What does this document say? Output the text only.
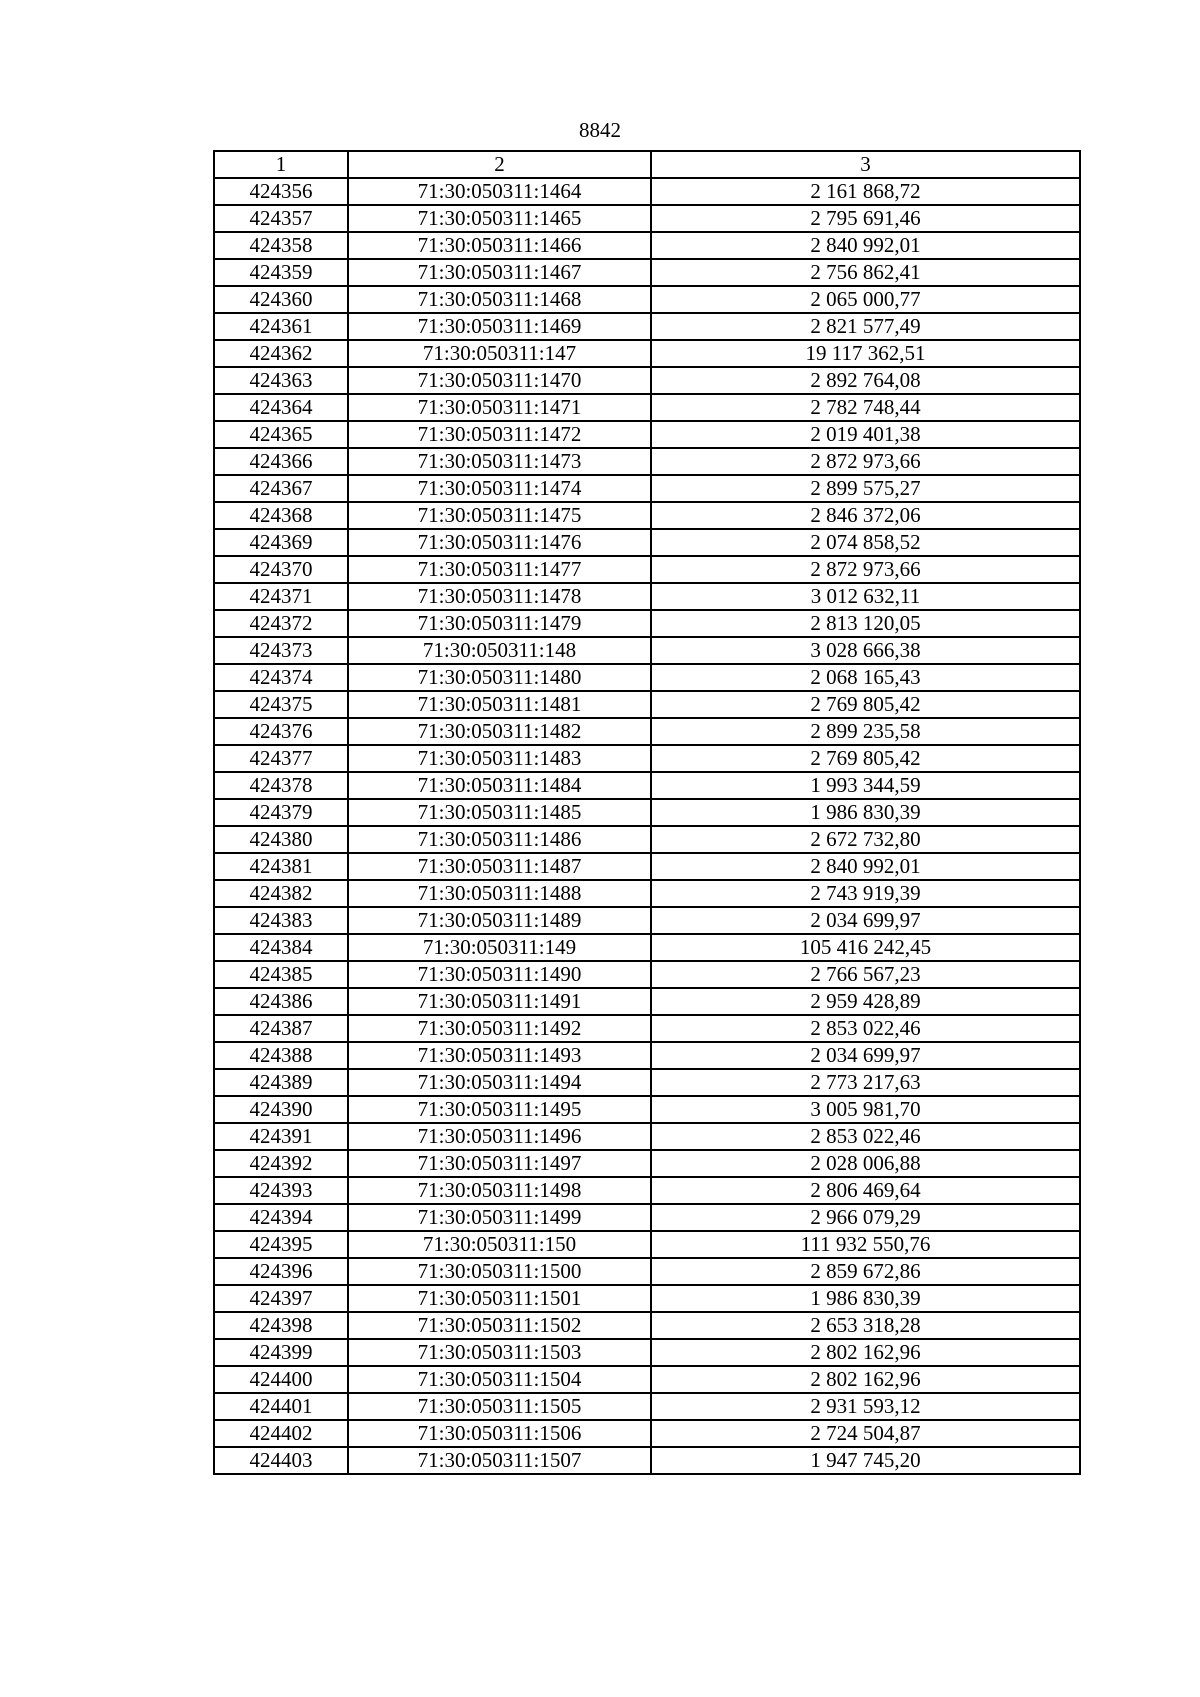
8842
1	2	3
424356	71:30:050311:1464	2 161 868,72
424357	71:30:050311:1465	2 795 691,46
424358	71:30:050311:1466	2 840 992,01
424359	71:30:050311:1467	2 756 862,41
424360	71:30:050311:1468	2 065 000,77
424361	71:30:050311:1469	2 821 577,49
424362	71:30:050311:147	19 117 362,51
424363	71:30:050311:1470	2 892 764,08
424364	71:30:050311:1471	2 782 748,44
424365	71:30:050311:1472	2 019 401,38
424366	71:30:050311:1473	2 872 973,66
424367	71:30:050311:1474	2 899 575,27
424368	71:30:050311:1475	2 846 372,06
424369	71:30:050311:1476	2 074 858,52
424370	71:30:050311:1477	2 872 973,66
424371	71:30:050311:1478	3 012 632,11
424372	71:30:050311:1479	2 813 120,05
424373	71:30:050311:148	3 028 666,38
424374	71:30:050311:1480	2 068 165,43
424375	71:30:050311:1481	2 769 805,42
424376	71:30:050311:1482	2 899 235,58
424377	71:30:050311:1483	2 769 805,42
424378	71:30:050311:1484	1 993 344,59
424379	71:30:050311:1485	1 986 830,39
424380	71:30:050311:1486	2 672 732,80
424381	71:30:050311:1487	2 840 992,01
424382	71:30:050311:1488	2 743 919,39
424383	71:30:050311:1489	2 034 699,97
424384	71:30:050311:149	105 416 242,45
424385	71:30:050311:1490	2 766 567,23
424386	71:30:050311:1491	2 959 428,89
424387	71:30:050311:1492	2 853 022,46
424388	71:30:050311:1493	2 034 699,97
424389	71:30:050311:1494	2 773 217,63
424390	71:30:050311:1495	3 005 981,70
424391	71:30:050311:1496	2 853 022,46
424392	71:30:050311:1497	2 028 006,88
424393	71:30:050311:1498	2 806 469,64
424394	71:30:050311:1499	2 966 079,29
424395	71:30:050311:150	111 932 550,76
424396	71:30:050311:1500	2 859 672,86
424397	71:30:050311:1501	1 986 830,39
424398	71:30:050311:1502	2 653 318,28
424399	71:30:050311:1503	2 802 162,96
424400	71:30:050311:1504	2 802 162,96
424401	71:30:050311:1505	2 931 593,12
424402	71:30:050311:1506	2 724 504,87
424403	71:30:050311:1507	1 947 745,20
